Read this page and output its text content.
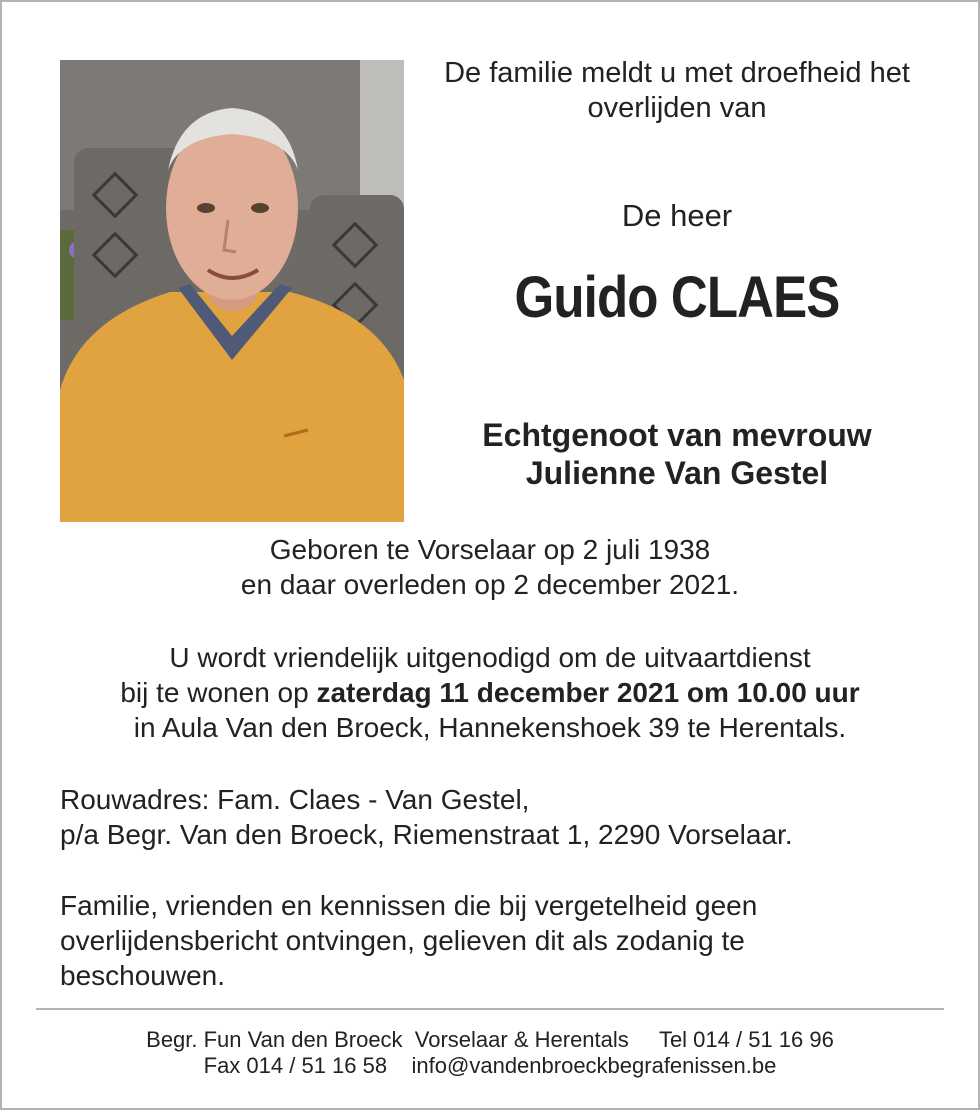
De familie meldt u met droefheid het
overlijden van
De heer
Guido CLAES
Echtgenoot van mevrouw
Julienne Van Gestel
Geboren te Vorselaar op 2 juli 1938
en daar overleden op 2 december 2021.
U wordt vriendelijk uitgenodigd om de uitvaartdienst
bij te wonen op zaterdag 11 december 2021 om 10.00 uur
in Aula Van den Broeck, Hannekenshoek 39 te Herentals.
Rouwadres: Fam. Claes - Van Gestel,
p/a Begr. Van den Broeck, Riemenstraat 1, 2290 Vorselaar.
Familie, vrienden en kennissen die bij vergetelheid geen
overlijdensbericht ontvingen, gelieven dit als zodanig te
beschouwen.
Begr. Fun Van den Broeck  Vorselaar & Herentals     Tel 014 / 51 16 96
Fax 014 / 51 16 58    info@vandenbroeckbegrafenissen.be
